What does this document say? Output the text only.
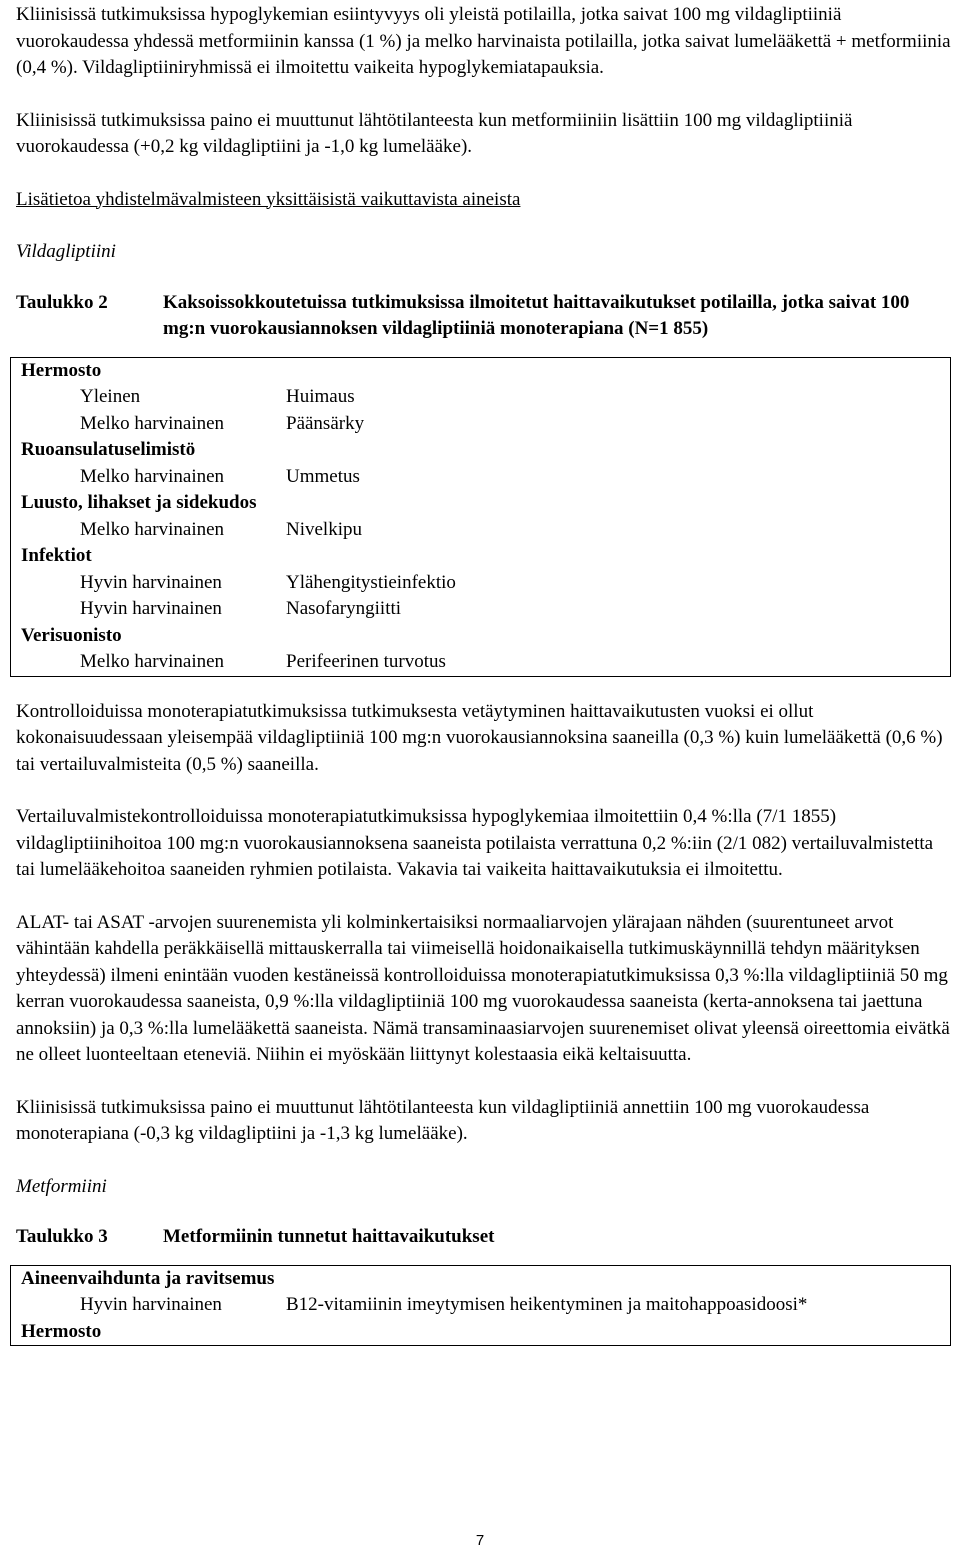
Kliinisissä tutkimuksissa hypoglykemian esiintyvyys oli yleistä potilailla, jotka saivat 100 mg vildagliptiiniä vuorokaudessa yhdessä metformiinin kanssa (1 %) ja melko harvinaista potilailla, jotka saivat lumelääkettä + metformiinia (0,4 %). Vildagliptiiniryhmissä ei ilmoitettu vaikeita hypoglykemiatapauksia.

Kliinisissä tutkimuksissa paino ei muuttunut lähtötilanteesta kun metformiiniin lisättiin 100 mg vildagliptiiniä vuorokaudessa (+0,2 kg vildagliptiini ja -1,0 kg lumelääke).

Lisätietoa yhdistelmävalmisteen yksittäisistä vaikuttavista aineista

Vildagliptiini

Taulukko 2	Kaksoissokkoutetuissa tutkimuksissa ilmoitetut haittavaikutukset potilailla, jotka saivat 100 mg:n vuorokausiannoksen vildagliptiiniä monoterapiana (N=1 855)
Hermosto
Yleinen	Huimaus
Melko harvinainen	Päänsärky
Ruoansulatuselimistö
Melko harvinainen	Ummetus
Luusto, lihakset ja sidekudos
Melko harvinainen	Nivelkipu
Infektiot
Hyvin harvinainen	Ylähengitystieinfektio
Hyvin harvinainen	Nasofaryngiitti
Verisuonisto
Melko harvinainen	Perifeerinen turvotus

Kontrolloiduissa monoterapiatutkimuksissa tutkimuksesta vetäytyminen haittavaikutusten vuoksi ei ollut kokonaisuudessaan yleisempää vildagliptiiniä 100 mg:n vuorokausiannoksina saaneilla (0,3 %) kuin lumelääkettä (0,6 %) tai vertailuvalmisteita (0,5 %) saaneilla.

Vertailuvalmistekontrolloiduissa monoterapiatutkimuksissa hypoglykemiaa ilmoitettiin 0,4 %:lla (7/1 1855) vildagliptiinihoitoa 100 mg:n vuorokausiannoksena saaneista potilaista verrattuna 0,2 %:iin (2/1 082) vertailuvalmistetta tai lumelääkehoitoa saaneiden ryhmien potilaista. Vakavia tai vaikeita haittavaikutuksia ei ilmoitettu.

ALAT- tai ASAT -arvojen suurenemista yli kolminkertaisiksi normaaliarvojen ylärajaan nähden (suurentuneet arvot vähintään kahdella peräkkäisellä mittauskerralla tai viimeisellä hoidonaikaisella tutkimuskäynnillä tehdyn määrityksen yhteydessä) ilmeni enintään vuoden kestäneissä kontrolloiduissa monoterapiatutkimuksissa 0,3 %:lla vildagliptiiniä 50 mg kerran vuorokaudessa saaneista, 0,9 %:lla vildagliptiiniä 100 mg vuorokaudessa saaneista (kerta-annoksena tai jaettuna annoksiin) ja 0,3 %:lla lumelääkettä saaneista. Nämä transaminaasiarvojen suurenemiset olivat yleensä oireettomia eivätkä ne olleet luonteeltaan eteneviä. Niihin ei myöskään liittynyt kolestaasia eikä keltaisuutta.

Kliinisissä tutkimuksissa paino ei muuttunut lähtötilanteesta kun vildagliptiiniä annettiin 100 mg vuorokaudessa monoterapiana (-0,3 kg vildagliptiini ja -1,3 kg lumelääke).

Metformiini

Taulukko 3	Metformiinin tunnetut haittavaikutukset
Aineenvaihdunta ja ravitsemus
Hyvin harvinainen	B12-vitamiinin imeytymisen heikentyminen ja maitohappoasidoosi*
Hermosto
7
